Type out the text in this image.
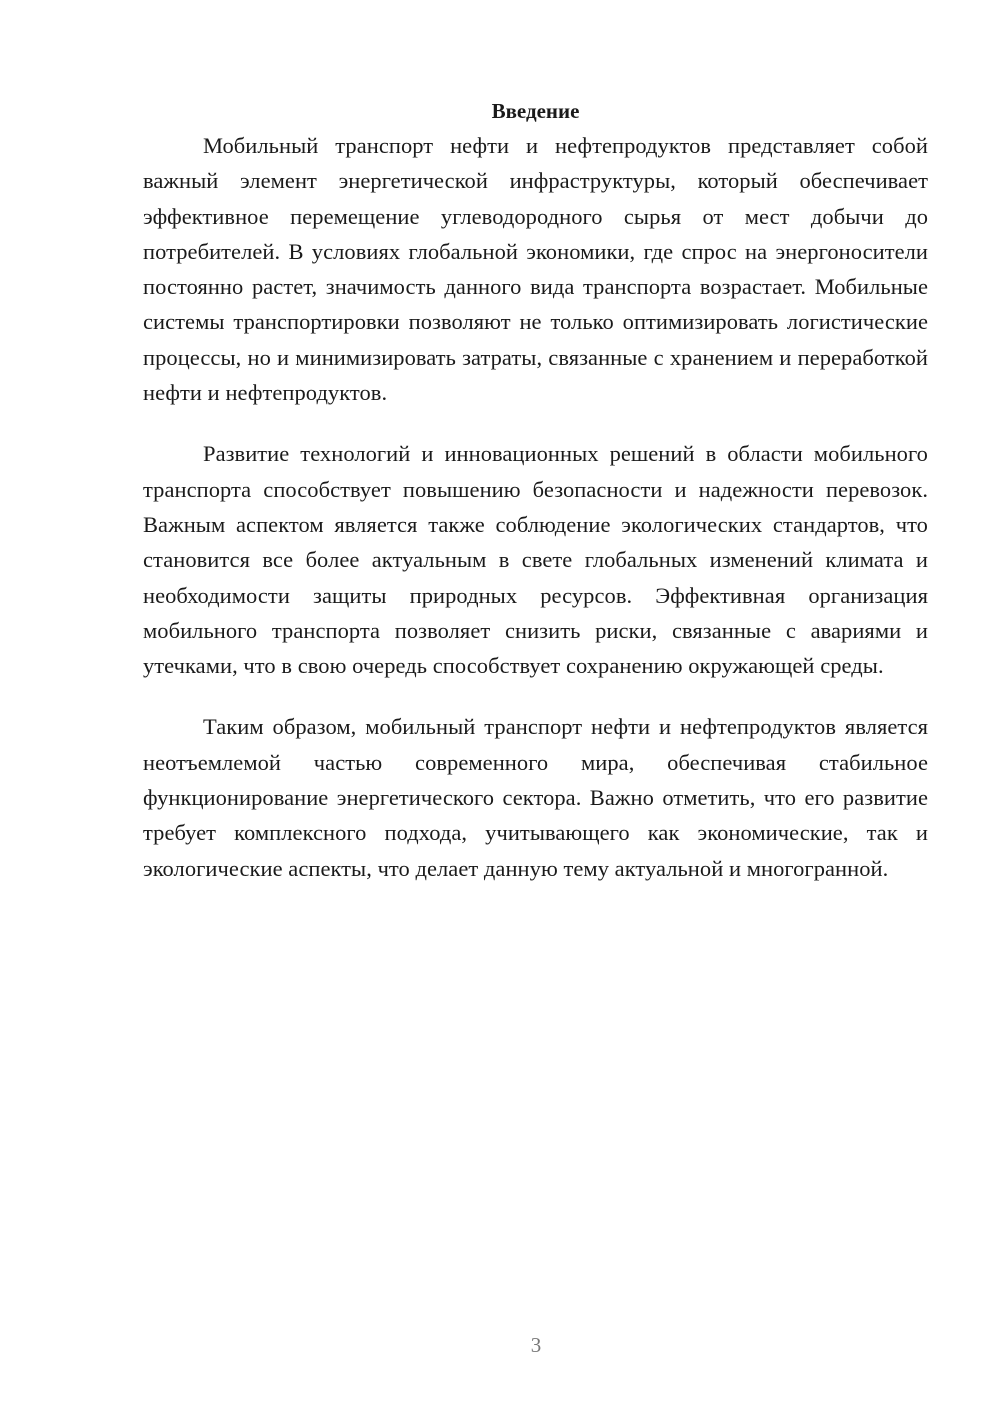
Введение

Мобильный транспорт нефти и нефтепродуктов представляет собой важный элемент энергетической инфраструктуры, который обеспечивает эффективное перемещение углеводородного сырья от мест добычи до потребителей. В условиях глобальной экономики, где спрос на энергоносители постоянно растет, значимость данного вида транспорта возрастает. Мобильные системы транспортировки позволяют не только оптимизировать логистические процессы, но и минимизировать затраты, связанные с хранением и переработкой нефти и нефтепродуктов.

Развитие технологий и инновационных решений в области мобильного транспорта способствует повышению безопасности и надежности перевозок. Важным аспектом является также соблюдение экологических стандартов, что становится все более актуальным в свете глобальных изменений климата и необходимости защиты природных ресурсов. Эффективная организация мобильного транспорта позволяет снизить риски, связанные с авариями и утечками, что в свою очередь способствует сохранению окружающей среды.

Таким образом, мобильный транспорт нефти и нефтепродуктов является неотъемлемой частью современного мира, обеспечивая стабильное функционирование энергетического сектора. Важно отметить, что его развитие требует комплексного подхода, учитывающего как экономические, так и экологические аспекты, что делает данную тему актуальной и многогранной.

3
